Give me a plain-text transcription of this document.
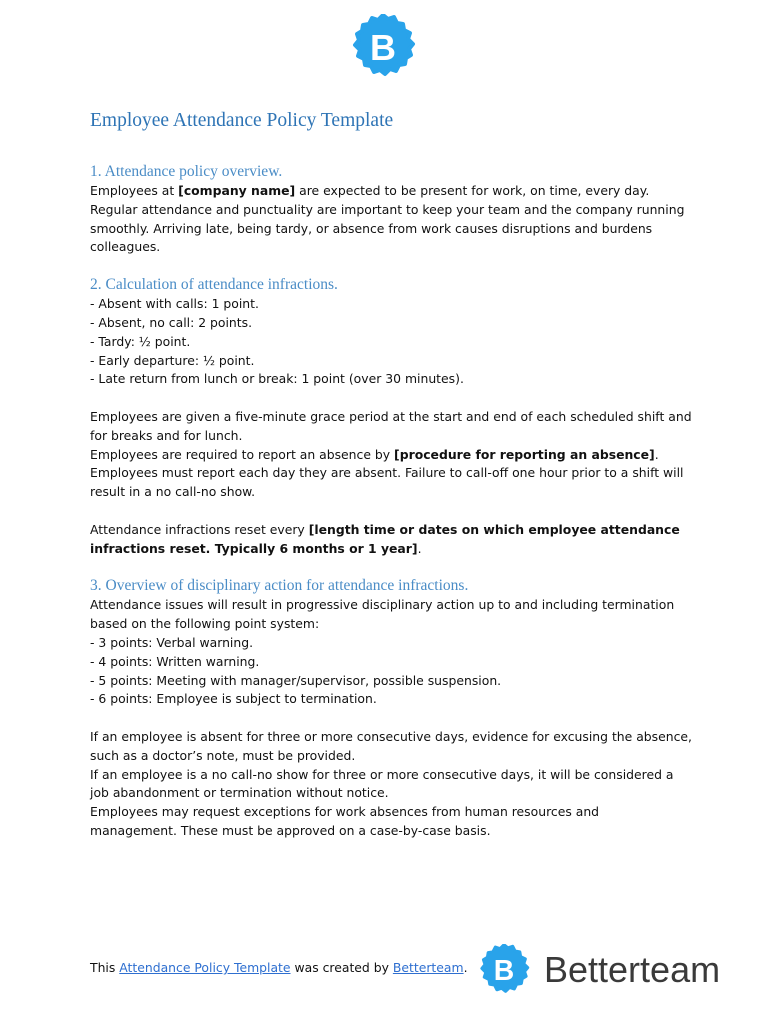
B
Employee Attendance Policy Template
1. Attendance policy overview.

Employees at [company name] are expected to be present for work, on time, every day.

Regular attendance and punctuality are important to keep your team and the company running

smoothly. Arriving late, being tardy, or absence from work causes disruptions and burdens

colleagues.

2. Calculation of attendance infractions.

- Absent with calls: 1 point.

- Absent, no call: 2 points.

- Tardy: ½ point.

- Early departure: ½ point.

- Late return from lunch or break: 1 point (over 30 minutes).

Employees are given a five-minute grace period at the start and end of each scheduled shift and

for breaks and for lunch.

Employees are required to report an absence by [procedure for reporting an absence].

Employees must report each day they are absent. Failure to call-off one hour prior to a shift will

result in a no call-no show.

Attendance infractions reset every [length time or dates on which employee attendance

infractions reset. Typically 6 months or 1 year].

3. Overview of disciplinary action for attendance infractions.

Attendance issues will result in progressive disciplinary action up to and including termination

based on the following point system:

- 3 points: Verbal warning.

- 4 points: Written warning.

- 5 points: Meeting with manager/supervisor, possible suspension.

- 6 points: Employee is subject to termination.

If an employee is absent for three or more consecutive days, evidence for excusing the absence,

such as a doctor’s note, must be provided.

If an employee is a no call-no show for three or more consecutive days, it will be considered a

job abandonment or termination without notice.

Employees may request exceptions for work absences from human resources and

management. These must be approved on a case-by-case basis.

This Attendance Policy Template was created by Betterteam. B Betterteam
